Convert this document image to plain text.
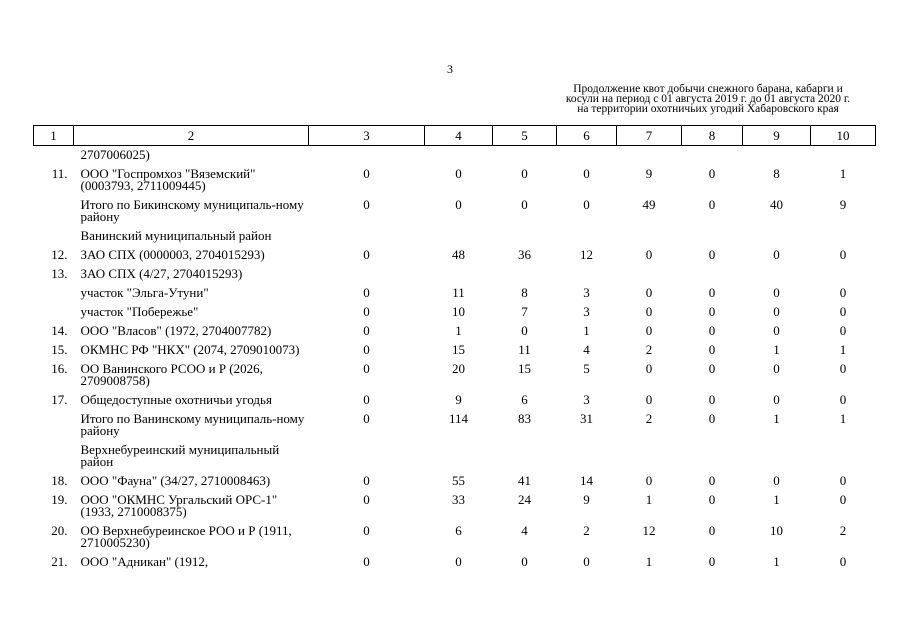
3
Продолжение квот добычи снежного барана, кабарги и
косули на период с 01 августа 2019 г. до 01 августа 2020 г.
на территории охотничьих угодий Хабаровского края
1	2	3	4	5	6	7	8	9	10
	2707006025)								
11.	ООО "Госпромхоз "Вяземский" (0003793, 2711009445)	0	0	0	0	9	0	8	1
	Итого по Бикинскому муниципаль-ному району	0	0	0	0	49	0	40	9
	Ванинский муниципальный район								
12.	ЗАО СПХ (0000003, 2704015293)	0	48	36	12	0	0	0	0
13.	ЗАО СПХ (4/27, 2704015293)								
	участок "Эльга-Утуни"	0	11	8	3	0	0	0	0
	участок "Побережье"	0	10	7	3	0	0	0	0
14.	ООО "Власов" (1972, 2704007782)	0	1	0	1	0	0	0	0
15.	ОКМНС РФ "НКХ" (2074, 2709010073)	0	15	11	4	2	0	1	1
16.	ОО Ванинского РСОО и Р (2026, 2709008758)	0	20	15	5	0	0	0	0
17.	Общедоступные охотничьи угодья	0	9	6	3	0	0	0	0
	Итого по Ванинскому муниципаль-ному району	0	114	83	31	2	0	1	1
	Верхнебуреинский муниципальный район								
18.	ООО "Фауна" (34/27, 2710008463)	0	55	41	14	0	0	0	0
19.	ООО "ОКМНС Ургальский ОРС-1" (1933, 2710008375)	0	33	24	9	1	0	1	0
20.	ОО Верхнебуреинское РОО и Р (1911, 2710005230)	0	6	4	2	12	0	10	2
21.	ООО "Адникан" (1912,	0	0	0	0	1	0	1	0
